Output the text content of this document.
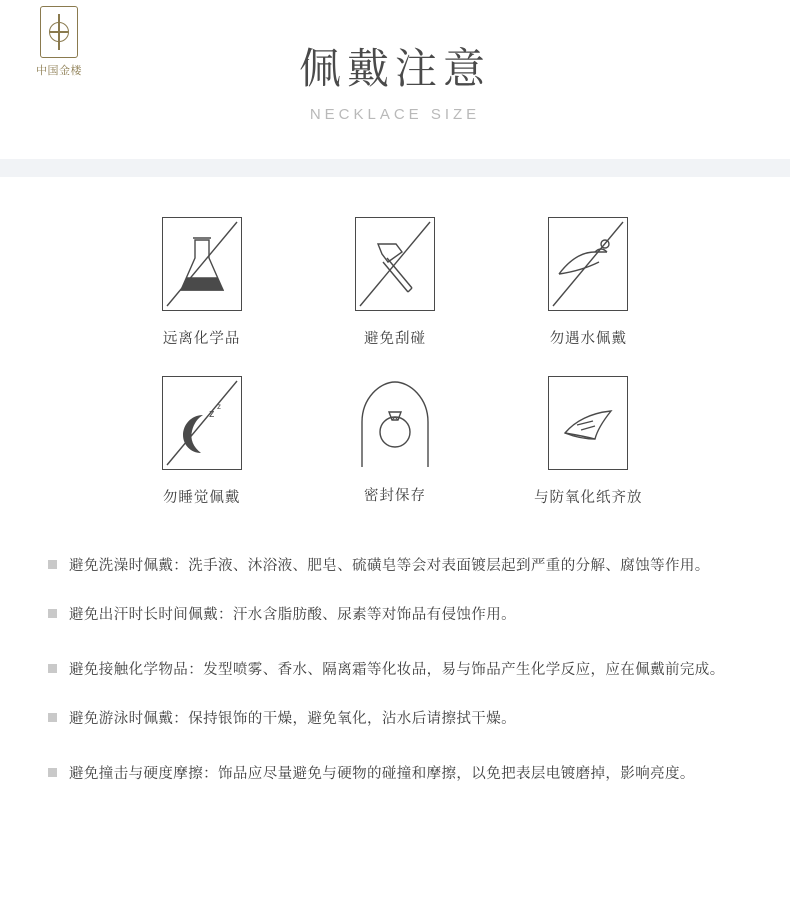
中国金楼	佩戴注意
NECKLACE SIZE
远离化学品	避免刮碰	勿遇水佩戴
z
z
勿睡觉佩戴	密封保存	与防氧化纸齐放
避免洗澡时佩戴：洗手液、沐浴液、肥皂、硫磺皂等会对表面镀层起到严重的分解、腐蚀等作用。
避免出汗时长时间佩戴：汗水含脂肪酸、尿素等对饰品有侵蚀作用。
避免接触化学物品：发型喷雾、香水、隔离霜等化妆品，易与饰品产生化学反应，应在佩戴前完成。
避免游泳时佩戴：保持银饰的干燥，避免氧化，沾水后请擦拭干燥。
避免撞击与硬度摩擦：饰品应尽量避免与硬物的碰撞和摩擦，以免把表层电镀磨掉，影响亮度。
